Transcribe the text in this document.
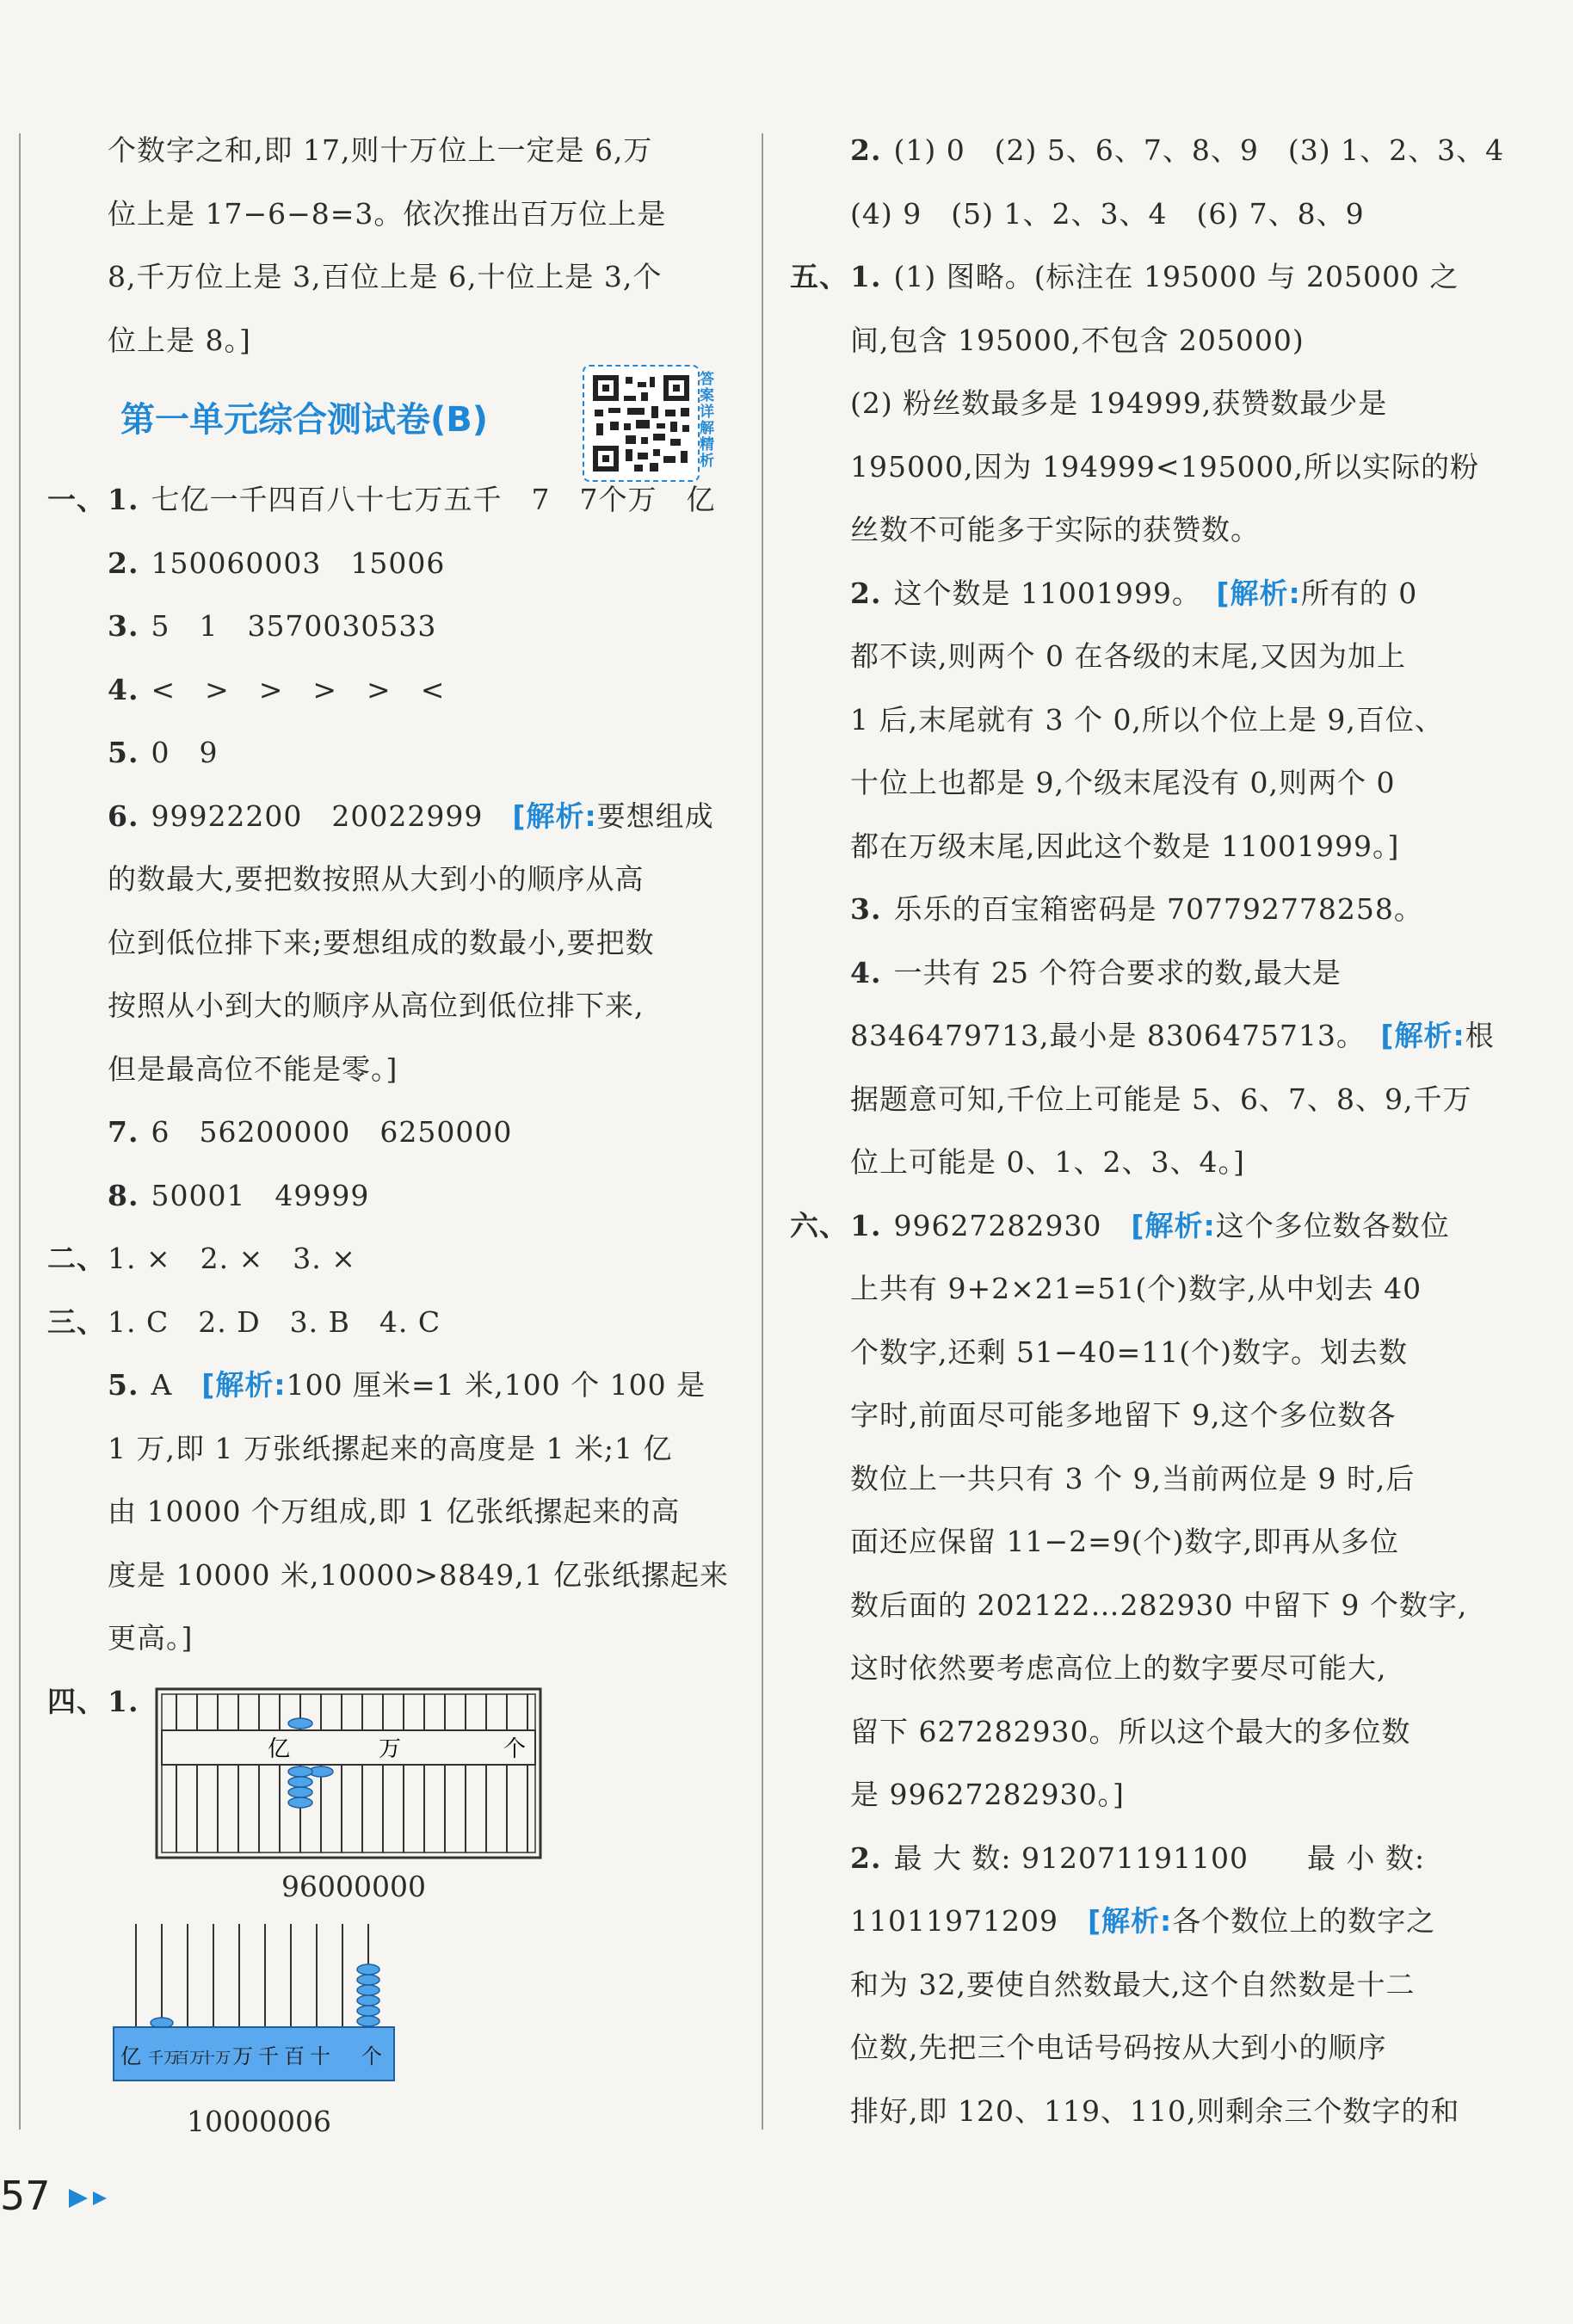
个数字之和,即 17,则十万位上一定是 6,万
位上是 17−6−8=3。依次推出百万位上是
8,千万位上是 3,百位上是 6,十位上是 3,个
位上是 8。]
第一单元综合测试卷(B)
答案详解精析
一、 1. 七亿一千四百八十七万五千　7　7个万　亿
2. 150060003　15006
3. 5　1　3570030533
4. <　>　>　>　>　<
5. 0　9
6. 99922200　20022999　[解析:要想组成
的数最大,要把数按照从大到小的顺序从高
位到低位排下来;要想组成的数最小,要把数
按照从小到大的顺序从高位到低位排下来,
但是最高位不能是零。]
7. 6　56200000　6250000
8. 50001　49999
二、 1. ×　2. ×　3. ×
三、 1. C　2. D　3. B　4. C
5. A　[解析:100 厘米=1 米,100 个 100 是
1 万,即 1 万张纸摞起来的高度是 1 米;1 亿
由 10000 个万组成,即 1 亿张纸摞起来的高
度是 10000 米,10000>8849,1 亿张纸摞起来
更高。]
四、 1.
亿	万	个
96000000
亿 千万
百万
十万 万 千 百 十 个
10000006
2. (1) 0　(2) 5、6、7、8、9　(3) 1、2、3、4
(4) 9　(5) 1、2、3、4　(6) 7、8、9
五、 1. (1) 图略。(标注在 195000 与 205000 之
间,包含 195000,不包含 205000)
(2) 粉丝数最多是 194999,获赞数最少是
195000,因为 194999<195000,所以实际的粉
丝数不可能多于实际的获赞数。
2. 这个数是 11001999。　 [解析:所有的 0
都不读,则两个 0 在各级的末尾,又因为加上
1 后,末尾就有 3 个 0,所以个位上是 9,百位、
十位上也都是 9,个级末尾没有 0,则两个 0
都在万级末尾,因此这个数是 11001999。]
3. 乐乐的百宝箱密码是 707792778258。
4. 一共有 25 个符合要求的数,最大是
8346479713,最小是 8306475713。　 [解析:根
据题意可知,千位上可能是 5、6、7、8、9,千万
位上可能是 0、1、2、3、4。]
六、 1. 99627282930　 [解析:这个多位数各数位
上共有 9+2×21=51(个)数字,从中划去 40
个数字,还剩 51−40=11(个)数字。划去数
字时,前面尽可能多地留下 9,这个多位数各
数位上一共只有 3 个 9,当前两位是 9 时,后
面还应保留 11−2=9(个)数字,即再从多位
数后面的 202122…282930 中留下 9 个数字,
这时依然要考虑高位上的数字要尽可能大,
留下 627282930。所以这个最大的多位数
是 99627282930。]
2. 最 大 数: 912071191100　　最 小 数:
11011971209　 [解析:各个数位上的数字之
和为 32,要使自然数最大,这个自然数是十二
位数,先把三个电话号码按从大到小的顺序
排好,即 120、119、110,则剩余三个数字的和
57
